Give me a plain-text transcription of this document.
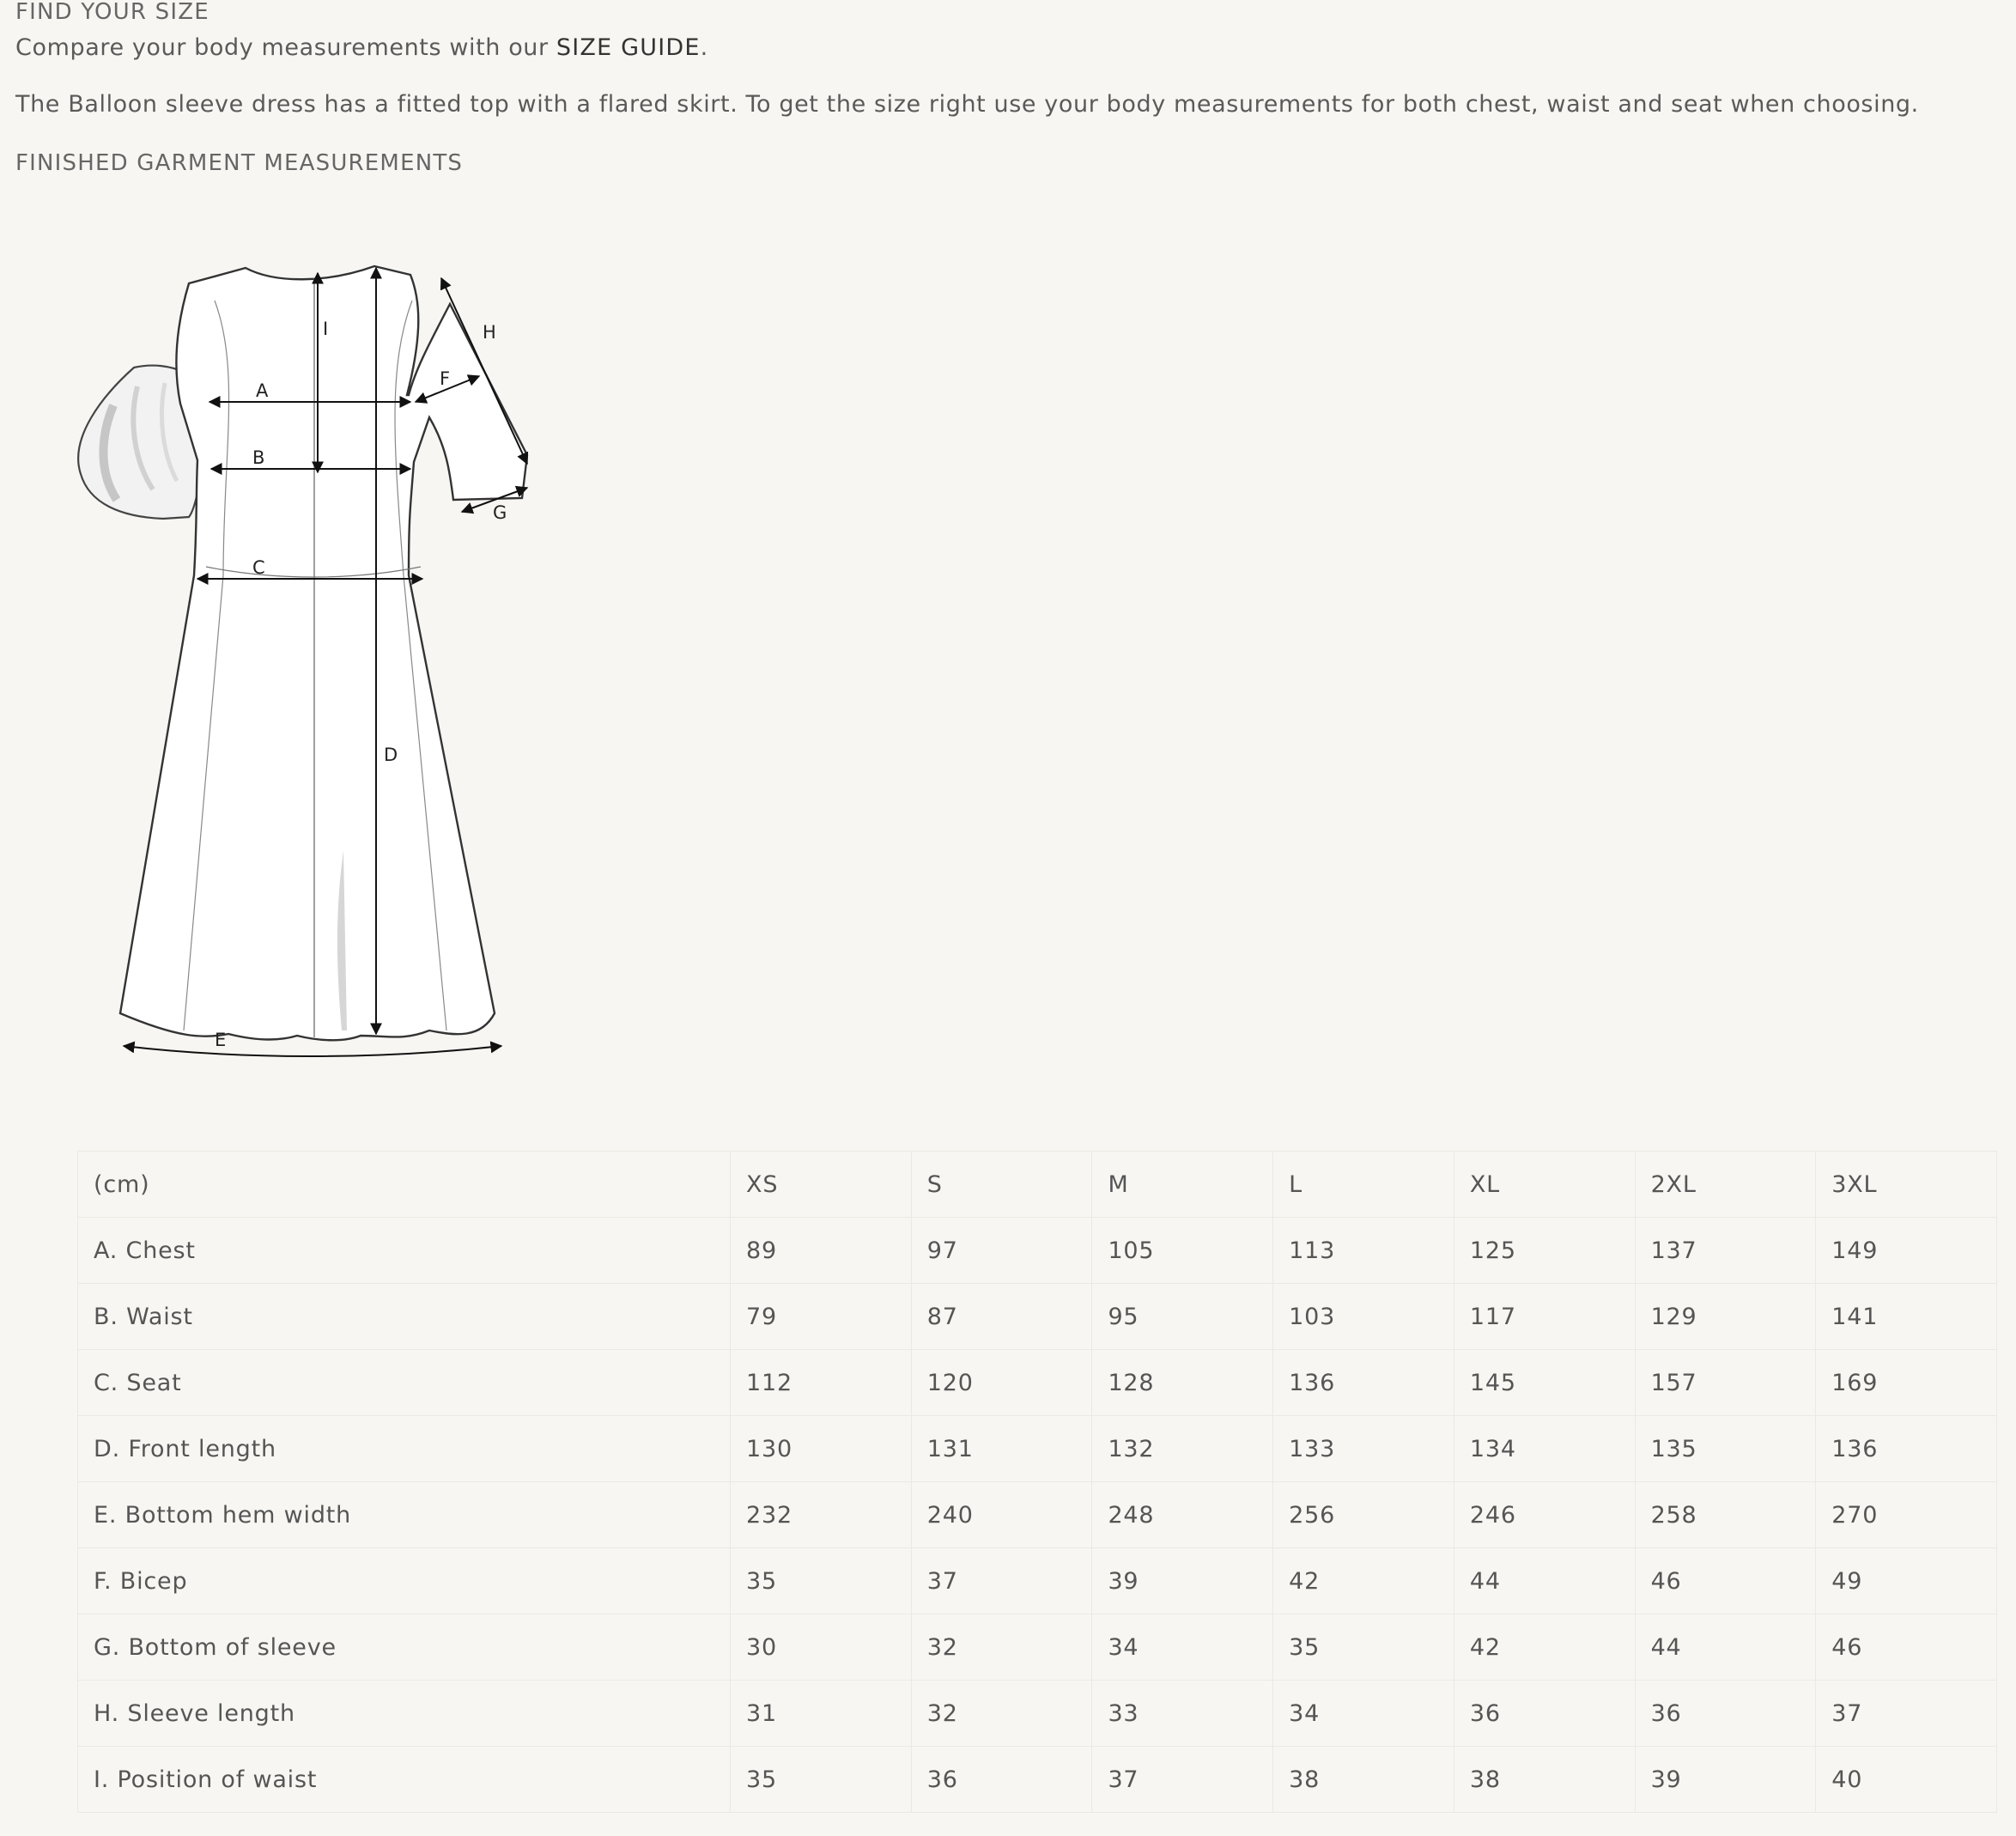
FIND YOUR SIZE

Compare your body measurements with our SIZE GUIDE.

The Balloon sleeve dress has a fitted top with a flared skirt. To get the size right use your body measurements for both chest, waist and seat when choosing.

FINISHED GARMENT MEASUREMENTS

A
B
C
D
E
F
G
H
I
(cm)	XS	S	M	L	XL	2XL	3XL
A. Chest	89	97	105	113	125	137	149
B. Waist	79	87	95	103	117	129	141
C. Seat	112	120	128	136	145	157	169
D. Front length	130	131	132	133	134	135	136
E. Bottom hem width	232	240	248	256	246	258	270
F. Bicep	35	37	39	42	44	46	49
G. Bottom of sleeve	30	32	34	35	42	44	46
H. Sleeve length	31	32	33	34	36	36	37
I. Position of waist	35	36	37	38	38	39	40
